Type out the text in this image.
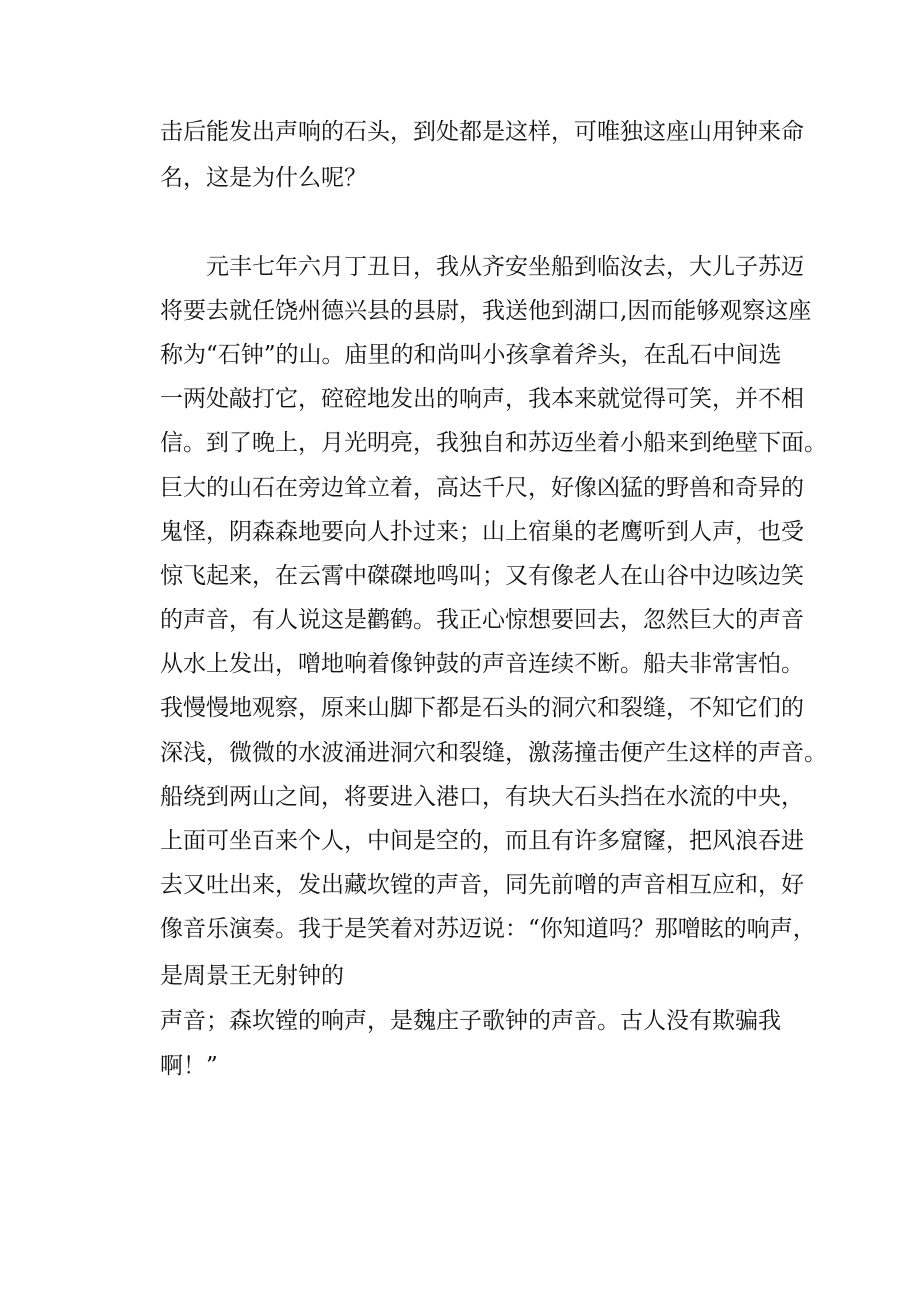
击后能发出声响的石头，到处都是这样，可唯独这座山用钟来命

名，这是为什么呢？

元丰七年六月丁丑日，我从齐安坐船到临汝去，大儿子苏迈

将要去就任饶州德兴县的县尉，我送他到湖口,因而能够观察这座

称为“石钟”的山。庙里的和尚叫小孩拿着斧头，在乱石中间选

一两处敲打它，硿硿地发出的响声，我本来就觉得可笑，并不相

信。到了晚上，月光明亮，我独自和苏迈坐着小船来到绝壁下面。

巨大的山石在旁边耸立着，高达千尺，好像凶猛的野兽和奇异的

鬼怪，阴森森地要向人扑过来；山上宿巢的老鹰听到人声，也受

惊飞起来，在云霄中磔磔地鸣叫；又有像老人在山谷中边咳边笑

的声音，有人说这是鹳鹤。我正心惊想要回去，忽然巨大的声音

从水上发出，噌地响着像钟鼓的声音连续不断。船夫非常害怕。

我慢慢地观察，原来山脚下都是石头的洞穴和裂缝，不知它们的

深浅，微微的水波涌进洞穴和裂缝，激荡撞击便产生这样的声音。

船绕到两山之间，将要进入港口，有块大石头挡在水流的中央，

上面可坐百来个人，中间是空的，而且有许多窟窿，把风浪吞进

去又吐出来，发出藏坎镗的声音，同先前噌的声音相互应和，好

像音乐演奏。我于是笑着对苏迈说：“你知道吗？那噌眩的响声，

是周景王无射钟的

声音；森坎镗的响声，是魏庄子歌钟的声音。古人没有欺骗我

啊！”
